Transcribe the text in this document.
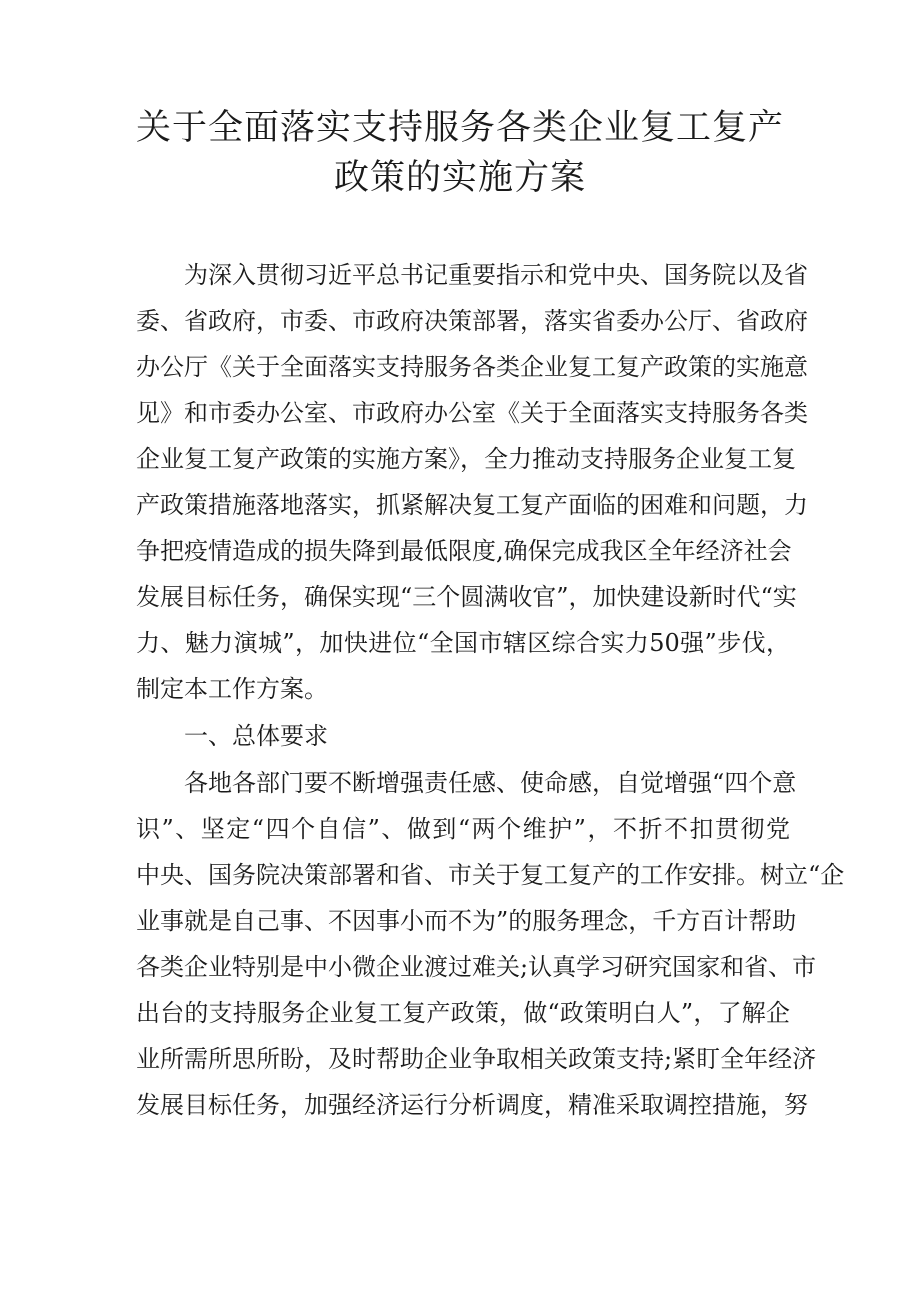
关于全面落实支持服务各类企业复工复产
政策的实施方案
为深入贯彻习近平总书记重要指示和党中央、国务院以及省
委、省政府，市委、市政府决策部署，落实省委办公厅、省政府
办公厅《关于全面落实支持服务各类企业复工复产政策的实施意
见》和市委办公室、市政府办公室《关于全面落实支持服务各类
企业复工复产政策的实施方案》，全力推动支持服务企业复工复
产政策措施落地落实，抓紧解决复工复产面临的困难和问题，力
争把疫情造成的损失降到最低限度,确保完成我区全年经济社会
发展目标任务，确保实现“三个圆满收官”，加快建设新时代“实
力、魅力演城”，加快进位“全国市辖区综合实力50强”步伐，
制定本工作方案。
一、总体要求
各地各部门要不断增强责任感、使命感，自觉增强“四个意
识”、坚定“四个自信”、做到“两个维护”，不折不扣贯彻党
中央、国务院决策部署和省、市关于复工复产的工作安排。树立“企
业事就是自己事、不因事小而不为”的服务理念，千方百计帮助
各类企业特别是中小微企业渡过难关;认真学习研究国家和省、市
出台的支持服务企业复工复产政策，做“政策明白人”，了解企
业所需所思所盼，及时帮助企业争取相关政策支持;紧盯全年经济
发展目标任务，加强经济运行分析调度，精准采取调控措施，努
